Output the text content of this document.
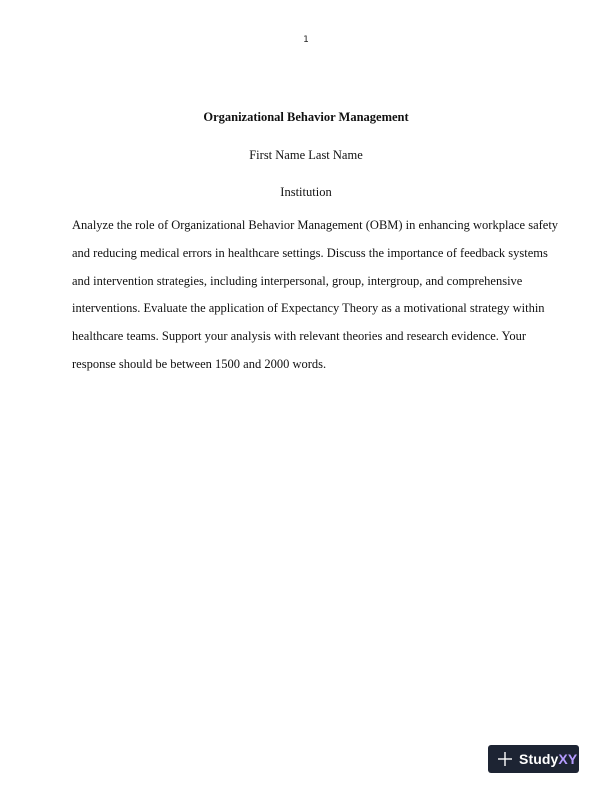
1
Organizational Behavior Management
First Name Last Name
Institution

Analyze the role of Organizational Behavior Management (OBM) in enhancing workplace safety
and reducing medical errors in healthcare settings. Discuss the importance of feedback systems
and intervention strategies, including interpersonal, group, intergroup, and comprehensive
interventions. Evaluate the application of Expectancy Theory as a motivational strategy within
healthcare teams. Support your analysis with relevant theories and research evidence. Your
response should be between 1500 and 2000 words.

StudyXY
